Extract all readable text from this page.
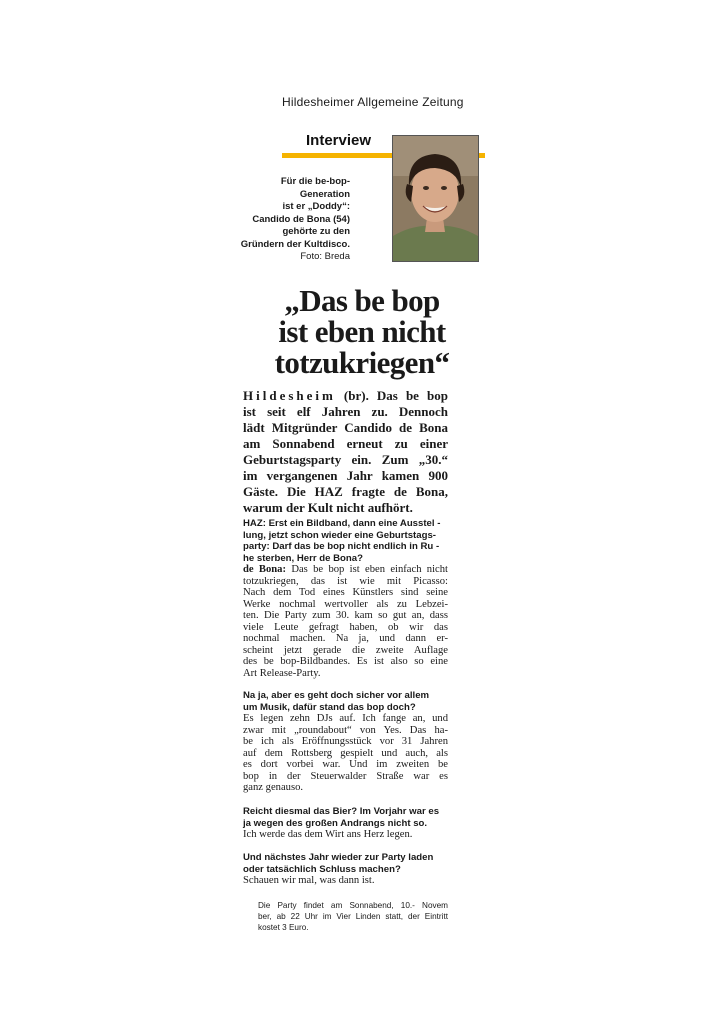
Hildesheimer Allgemeine Zeitung
Interview
Für die be-bop-
Generation
ist er „Doddy“:
Candido de Bona (54)
gehörte zu den
Gründern der Kultdisco.
Foto: Breda
„Das be bop
ist eben nicht
totzukriegen“
Hildesheim (br). Das be bop
ist seit elf Jahren zu. Dennoch
lädt Mitgründer Candido de Bona
am Sonnabend erneut zu einer
Geburtstagsparty ein. Zum „30.“
im vergangenen Jahr kamen 900
Gäste. Die HAZ fragte de Bona,
warum der Kult nicht aufhört.
HAZ: Erst ein Bildband, dann eine Ausstel -
lung, jetzt schon wieder eine Geburtstags-
party: Darf das be bop nicht endlich in Ru -
he sterben, Herr de Bona?
de Bona: Das be bop ist eben einfach nicht
totzukriegen, das ist wie mit Picasso:
Nach dem Tod eines Künstlers sind seine
Werke nochmal wertvoller als zu Lebzei-
ten. Die Party zum 30. kam so gut an, dass
viele Leute gefragt haben, ob wir das
nochmal machen. Na ja, und dann er-
scheint jetzt gerade die zweite Auflage
des be bop-Bildbandes. Es ist also so eine
Art Release-Party.
Na ja, aber es geht doch sicher vor allem
um Musik, dafür stand das bop doch?
Es legen zehn DJs auf. Ich fange an, und
zwar mit „roundabout“ von Yes. Das ha-
be ich als Eröffnungsstück vor 31 Jahren
auf dem Rottsberg gespielt und auch, als
es dort vorbei war. Und im zweiten be
bop in der Steuerwalder Straße war es
ganz genauso.
Reicht diesmal das Bier? Im Vorjahr war es
ja wegen des großen Andrangs nicht so.
Ich werde das dem Wirt ans Herz legen.
Und nächstes Jahr wieder zur Party laden
oder tatsächlich Schluss machen?
Schauen wir mal, was dann ist.
Die Party findet am Sonnabend, 10.- Novem
ber, ab 22 Uhr im Vier Linden statt, der Eintritt
kostet 3 Euro.
